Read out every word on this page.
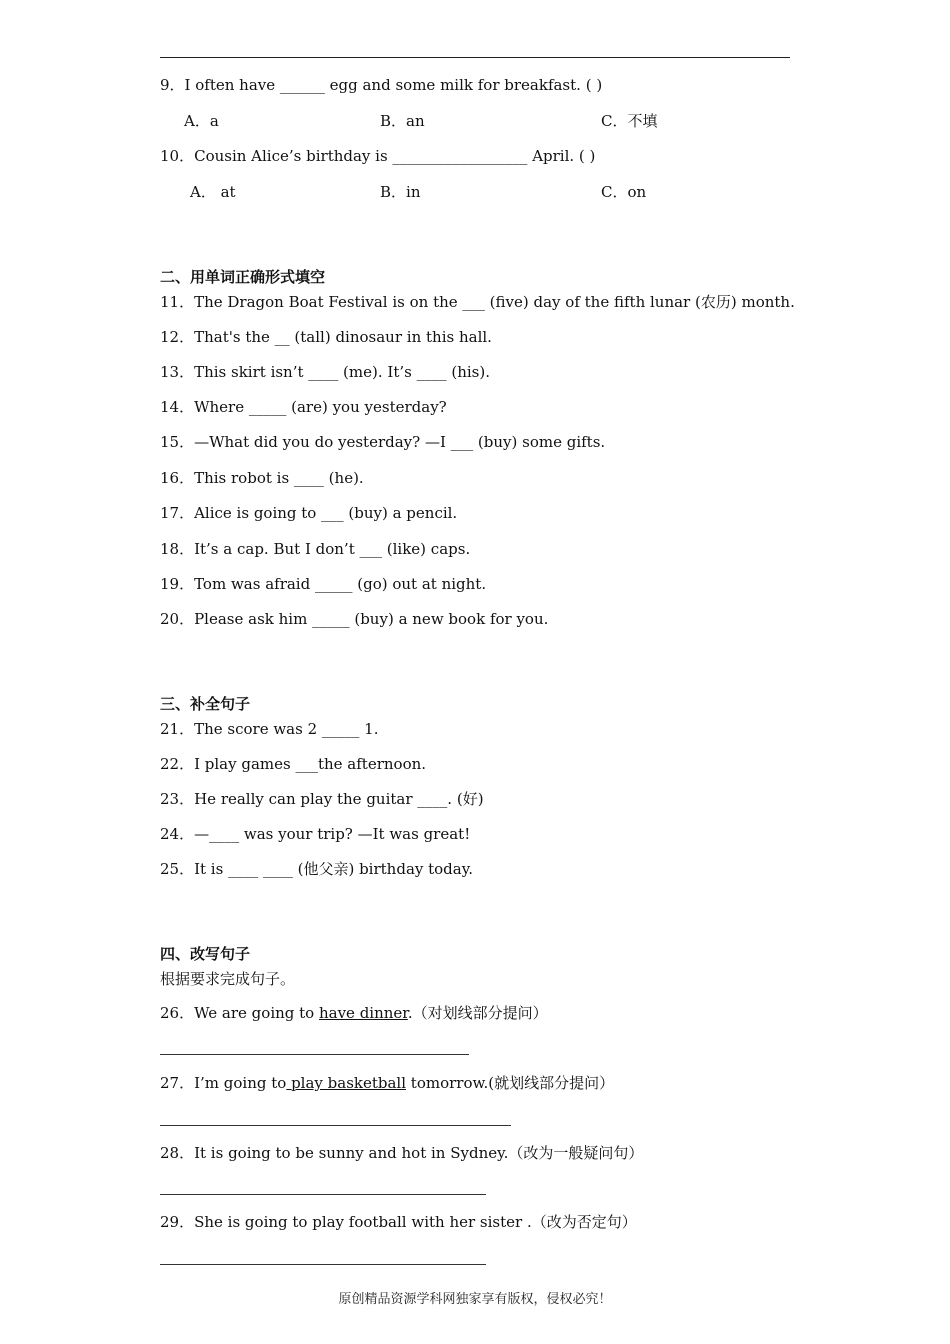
9．I often have ______ egg and some milk for breakfast. ( )
A．a	B．an	C．不填
10．Cousin Alice’s birthday is __________________ April. ( )
A． at	B．in	C．on
二、用单词正确形式填空
11．The Dragon Boat Festival is on the ___ (five) day of the fifth lunar (农历) month.
12．That's the __ (tall) dinosaur in this hall.
13．This skirt isn’t ____ (me). It’s ____ (his).
14．Where _____ (are) you yesterday?
15．—What did you do yesterday? —I ___ (buy) some gifts.
16．This robot is ____ (he).
17．Alice is going to ___ (buy) a pencil.
18．It’s a cap. But I don’t ___ (like) caps.
19．Tom was afraid _____ (go) out at night.
20．Please ask him _____ (buy) a new book for you.
三、补全句子
21．The score was 2 _____ 1.
22．I play games ___the afternoon.
23．He really can play the guitar ____. (好)
24．—____ was your trip? —It was great!
25．It is ____ ____ (他父亲) birthday today.
四、改写句子
根据要求完成句子。
26．We are going to have dinner.（对划线部分提问）
27．I’m going to play basketball tomorrow.(就划线部分提问）
28．It is going to be sunny and hot in Sydney.（改为一般疑问句）
29．She is going to play football with her sister .（改为否定句）
原创精品资源学科网独家享有版权，侵权必究！
